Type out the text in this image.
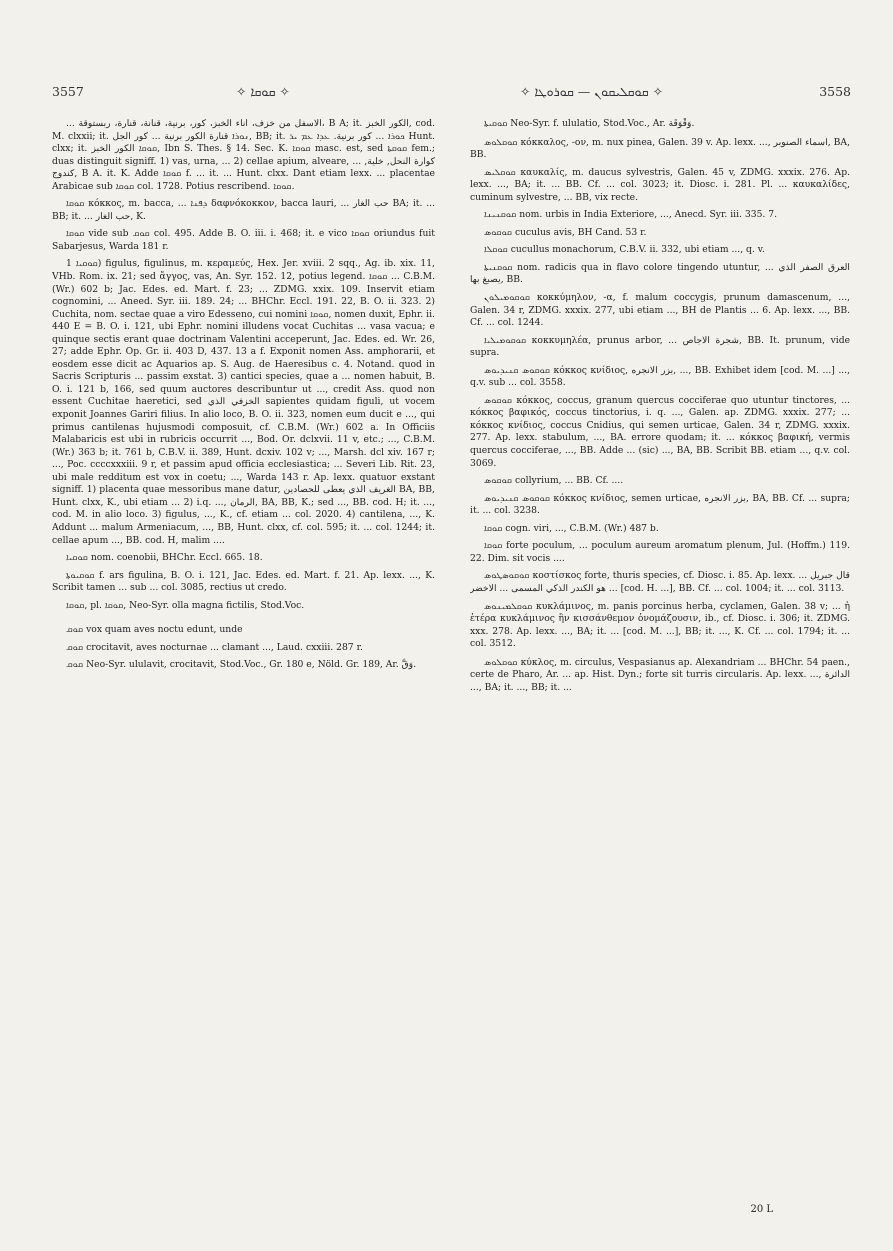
3557	✧ ܩܘܩܐ ✧	✧ ܩܘܩܠܝܩܘܢ — ܩܘܪܘܛܐ ✧	3558

... الاسفل من خزف، اناء الخبز، كور، برنية، قنانة، قنارة، ربستوقة، B A; it. الكور الخبز, cod. M. clxxii; it. ܢܘܪܐ قنارة الكور برنية ... كور الجل, BB; it. ܟܘܪܐ ... كور برنية. ܥܕܐ ܥܡ ܝܪ Hunt. clxx; it. ܩܘܩܐ الكور الخبز, Ibn S. Thes. § 14. Sec. K. ܩܘܩܐ masc. est, sed ܩܘܩܬܐ fem.; duas distinguit signiff. 1) vas, urna, ... 2) cellae apium, alveare, ... كوارة النحل, خلية, كندوج, B A. it. K. Adde ܩܘܩܐ f. ... it. ... Hunt. clxx. Dant etiam lexx. ... placentae Arabicae sub ܩܘܩܐ col. 1728. Potius rescribend. ܩܘܩܐ.

ܩܘܩܐ κόκκος, m. bacca, ... ܕܦܢܐ δαφνόκοκκον, bacca lauri, ... حب الغار BA; it. ... BB; it. ... حب الغار, K.

ܩܘܩܐ vide sub ܩܘܩ col. 495. Adde B. O. iii. i. 468; it. e vico ܩܘܩܐ oriundus fuit Sabarjesus, Warda 181 r.

ܩܘܩܝܐ 1) figulus, figulinus, m. κεραμεύς, Hex. Jer. xviii. 2 sqq., Ag. ib. xix. 11, VHb. Rom. ix. 21; sed ἄγγος, vas, An. Syr. 152. 12, potius legend. ܩܘܩܐ ... C.B.M. (Wr.) 602 b; Jac. Edes. ed. Mart. f. 23; ... ZDMG. xxix. 109. Inservit etiam cognomini, ... Aneed. Syr. iii. 189. 24; ... BHChr. Eccl. 191. 22, B. O. ii. 323. 2) Cuchita, nom. sectae quae a viro Edesseno, cui nomini ܩܘܩܐ, nomen duxit, Ephr. ii. 440 E = B. O. i. 121, ubi Ephr. nomini illudens vocat Cuchitas ... vasa vacua; e quinque sectis erant quae doctrinam Valentini acceperunt, Jac. Edes. ed. Wr. 26, 27; adde Ephr. Op. Gr. ii. 403 D, 437. 13 a f. Exponit nomen Ass. amphorarii, et eosdem esse dicit ac Aquarios ap. S. Aug. de Haeresibus c. 4. Notand. quod in Sacris Scripturis ... passim exstat. 3) cantici species, quae a ... nomen habuit, B. O. i. 121 b, 166, sed quum auctores describuntur ut ..., credit Ass. quod non essent Cuchitae haeretici, sed الخزفي الذي sapientes quidam figuli, ut vocem exponit Joannes Gariri filius. In alio loco, B. O. ii. 323, nomen eum ducit e ..., qui primus cantilenas hujusmodi composuit, cf. C.B.M. (Wr.) 602 a. In Officiis Malabaricis est ubi in rubricis occurrit ..., Bod. Or. dclxvii. 11 v, etc.; ..., C.B.M. (Wr.) 363 b; it. 761 b, C.B.V. ii. 389, Hunt. dcxiv. 102 v; ..., Marsh. dcl xiv. 167 r; ..., Poc. ccccxxxiii. 9 r, et passim apud officia ecclesiastica; ... Severi Lib. Rit. 23, ubi male redditum est vox in coetu; ..., Warda 143 r. Ap. lexx. quatuor exstant signiff. 1) placenta quae messoribus mane datur, الغريف الذي يعطى للحصادين BA, BB, Hunt. clxx, K., ubi etiam ... 2) i.q. ..., الرمان, BA, BB, K.; sed ..., BB. cod. H; it. ..., cod. M. in alio loco. 3) figulus, ..., K., cf. etiam ... col. 2020. 4) cantilena, ..., K. Addunt ... malum Armeniacum, ..., BB, Hunt. clxx, cf. col. 595; it. ... col. 1244; it. cellae apum ..., BB. cod. H, malim ....

ܩܘܩܝܐ nom. coenobii, BHChr. Eccl. 665. 18.

ܩܘܩܝܘܬܐ f. ars figulina, B. O. i. 121, Jac. Edes. ed. Mart. f. 21. Ap. lexx. ..., K. Scribit tamen ... sub ... col. 3085, rectius ut credo.

ܩܘܩܐ, pl. ܩܘܩܐ, Neo-Syr. olla magna fictilis, Stod.Voc.

ܩܘܩ vox quam aves noctu edunt, unde

ܩܘܩ crocitavit, aves nocturnae ... clamant ..., Laud. cxxiii. 287 r.

ܩܘܩ Neo-Syr. ululavit, crocitavit, Stod.Voc., Gr. 180 e, Nöld. Gr. 189, Ar. وَقَّ.

ܩܘܩܝܬܐ Neo-Syr. f. ululatio, Stod.Voc., Ar. وَقْوَقَة.

ܩܘܩܠܘܣ κόκκαλος, -ον, m. nux pinea, Galen. 39 v. Ap. lexx. ..., اسماء الصنوبر, BA, BB.

ܩܘܩܠܝܣ καυκαλίς, m. daucus sylvestris, Galen. 45 v, ZDMG. xxxix. 276. Ap. lexx. ..., BA; it. ... BB. Cf. ... col. 3023; it. Diosc. i. 281. Pl. ... καυκαλίδες, cuminum sylvestre, ... BB, vix recte.

ܩܘܩܢܝܢܐ nom. urbis in India Exteriore, ..., Anecd. Syr. iii. 335. 7.

ܩܘܩܘܣ cuculus avis, BH Cand. 53 r.

ܩܘܩܠܐ cucullus monachorum, C.B.V. ii. 332, ubi etiam ..., q. v.

ܩܘܩܢܝܬܐ nom. radicis qua in flavo colore tingendo utuntur, ... العرق الصفر الذي يصبغ بها, BB.

ܩܘܩܘܡܝܠܘܢ κοκκύμηλον, -α, f. malum coccygis, prunum damascenum, ..., Galen. 34 r, ZDMG. xxxix. 277, ubi etiam ..., BH de Plantis ... 6. Ap. lexx. ..., BB. Cf. ... col. 1244.

ܩܘܩܘܡܝܠܝܐ κοκκυμηλέα, prunus arbor, ... شجرة الاجاص, BB. It. prunum, vide supra.

ܩܘܩܘܣ ܩܢܝܕܝܘܣ κόκκος κνίδιος, بزر الانجره, ..., BB. Exhibet idem [cod. M. ...] ..., q.v. sub ... col. 3558.

ܩܘܩܘܣ κόκκος, coccus, granum quercus cocciferae quo utuntur tinctores, ... κόκκος βαφικός, coccus tinctorius, i. q. ..., Galen. ap. ZDMG. xxxix. 277; ... κόκκος κνίδιος, coccus Cnidius, qui semen urticae, Galen. 34 r, ZDMG. xxxix. 277. Ap. lexx. stabulum, ..., BA. errore quodam; it. ... κόκκος βαφική, vermis quercus cocciferae, ..., BB. Adde ... (sic) ..., BA, BB. Scribit BB. etiam ..., q.v. col. 3069.

ܩܘܩܘܣ collyrium, ... BB. Cf. ....

ܩܘܩܘܣ ܩܢܝܕܝܘܣ κόκκος κνίδιος, semen urticae, بزر الانجره, BA, BB. Cf. ... supra; it. ... col. 3238.

ܩܘܩܐ cogn. viri, ..., C.B.M. (Wr.) 487 b.

ܩܘܩܐ forte poculum, ... poculum aureum aromatum plenum, Jul. (Hoffm.) 119. 22. Dim. sit vocis ....

ܩܘܩܘܣܛܘܣ κοστίσκος forte, thuris species, cf. Diosc. i. 85. Ap. lexx. ... قال جبريل هو الكندر الذكي المسمى ... الاخضر ... [cod. H. ...], BB. Cf. ... col. 1004; it. ... col. 3113.

ܩܘܩܠܡܝܢܘܣ κυκλάμινος, m. panis porcinus herba, cyclamen, Galen. 38 v; ... ἡ ἑτέρα κυκλάμινος ἣν κισσάνθεμον ὀνομάζουσιν, ib., cf. Diosc. i. 306; it. ZDMG. xxx. 278. Ap. lexx. ..., BA; it. ... [cod. M. ...], BB; it. ..., K. Cf. ... col. 1794; it. ... col. 3512.

ܩܘܩܠܘܣ κύκλος, m. circulus, Vespasianus ap. Alexandriam ... BHChr. 54 paen., certe de Pharo, Ar. ... ap. Hist. Dyn.; forte sit turris circularis. Ap. lexx. ..., الدائرة ..., BA; it. ..., BB; it. ...

20 L
